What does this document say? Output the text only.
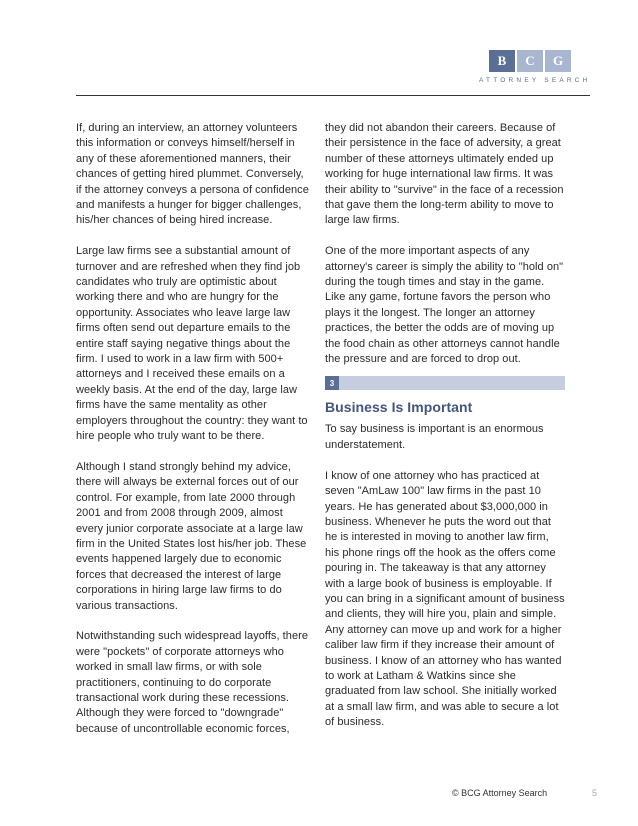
B	C	G
ATTORNEY SEARCH

If, during an interview, an attorney volunteers this information or conveys himself/herself in any of these aforementioned manners, their chances of getting hired plummet. Conversely, if the attorney conveys a persona of confidence and manifests a hunger for bigger challenges, his/her chances of being hired increase.

Large law firms see a substantial amount of turnover and are refreshed when they find job candidates who truly are optimistic about working there and who are hungry for the opportunity. Associates who leave large law firms often send out departure emails to the entire staff saying negative things about the firm. I used to work in a law firm with 500+ attorneys and I received these emails on a weekly basis. At the end of the day, large law firms have the same mentality as other employers throughout the country: they want to hire people who truly want to be there.

Although I stand strongly behind my advice, there will always be external forces out of our control. For example, from late 2000 through 2001 and from 2008 through 2009, almost every junior corporate associate at a large law firm in the United States lost his/her job. These events happened largely due to economic forces that decreased the interest of large corporations in hiring large law firms to do various transactions.

Notwithstanding such widespread layoffs, there were "pockets" of corporate attorneys who worked in small law firms, or with sole practitioners, continuing to do corporate transactional work during these recessions. Although they were forced to "downgrade" because of uncontrollable economic forces,

they did not abandon their careers. Because of their persistence in the face of adversity, a great number of these attorneys ultimately ended up working for huge international law firms. It was their ability to "survive" in the face of a recession that gave them the long-term ability to move to large law firms.

One of the more important aspects of any attorney's career is simply the ability to "hold on" during the tough times and stay in the game. Like any game, fortune favors the person who plays it the longest. The longer an attorney practices, the better the odds are of moving up the food chain as other attorneys cannot handle the pressure and are forced to drop out.

3
Business Is Important

To say business is important is an enormous understatement.

I know of one attorney who has practiced at seven "AmLaw 100" law firms in the past 10 years. He has generated about $3,000,000 in business. Whenever he puts the word out that he is interested in moving to another law firm, his phone rings off the hook as the offers come pouring in. The takeaway is that any attorney with a large book of business is employable. If you can bring in a significant amount of business and clients, they will hire you, plain and simple. Any attorney can move up and work for a higher caliber law firm if they increase their amount of business. I know of an attorney who has wanted to work at Latham & Watkins since she graduated from law school. She initially worked at a small law firm, and was able to secure a lot of business.

© BCG Attorney Search	5
